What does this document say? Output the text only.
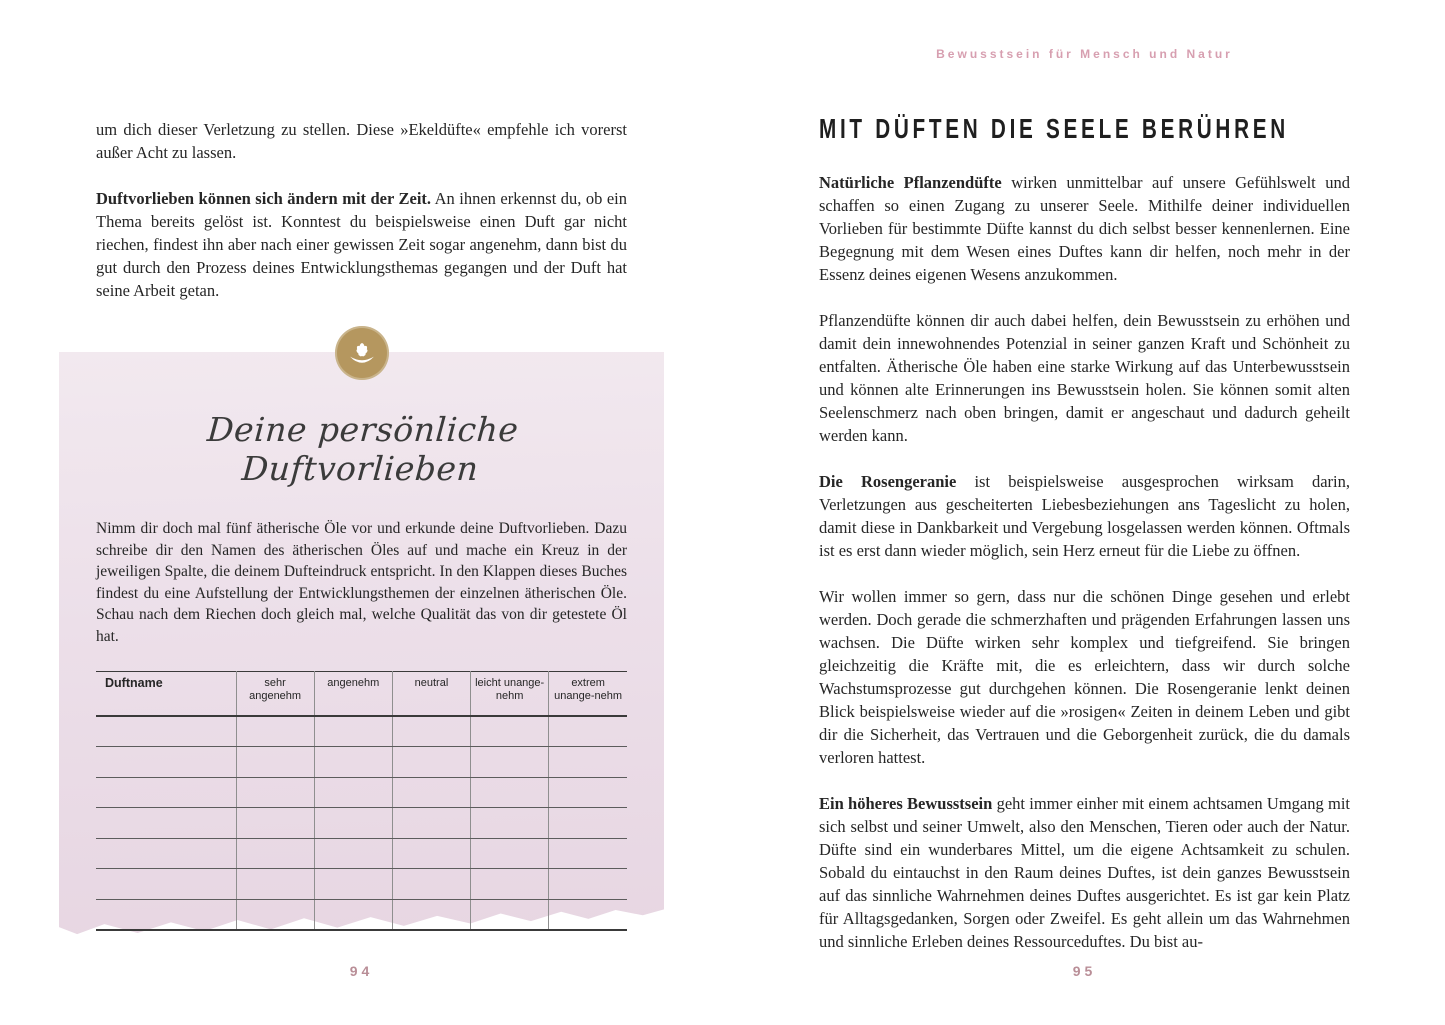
um dich dieser Verletzung zu stellen. Diese »Ekeldüfte« empfehle ich vorerst außer Acht zu lassen.

Duftvorlieben können sich ändern mit der Zeit. An ihnen erkennst du, ob ein Thema bereits gelöst ist. Konntest du beispielsweise einen Duft gar nicht riechen, findest ihn aber nach einer gewissen Zeit sogar angenehm, dann bist du gut durch den Prozess deines Entwicklungsthemas gegangen und der Duft hat seine Arbeit getan.

Deine persönliche Duftvorlieben

Nimm dir doch mal fünf ätherische Öle vor und erkunde deine Duftvorlieben. Dazu schreibe dir den Namen des ätherischen Öles auf und mache ein Kreuz in der jeweiligen Spalte, die deinem Dufteindruck entspricht. In den Klappen dieses Buches findest du eine Aufstellung der Entwicklungsthemen der einzelnen ätherischen Öle. Schau nach dem Riechen doch gleich mal, welche Qualität das von dir getestete Öl hat.

Duftname	sehr angenehm	angenehm	neutral	leicht unange-nehm	extrem unange-nehm

94
Bewusstsein für Mensch und Natur
MIT DÜFTEN DIE SEELE BERÜHREN

Natürliche Pflanzendüfte wirken unmittelbar auf unsere Gefühlswelt und schaffen so einen Zugang zu unserer Seele. Mithilfe deiner individuellen Vorlieben für bestimmte Düfte kannst du dich selbst besser kennenlernen. Eine Begegnung mit dem Wesen eines Duftes kann dir helfen, noch mehr in der Essenz deines eigenen Wesens anzukommen.

Pflanzendüfte können dir auch dabei helfen, dein Bewusstsein zu erhöhen und damit dein innewohnendes Potenzial in seiner ganzen Kraft und Schönheit zu entfalten. Ätherische Öle haben eine starke Wirkung auf das Unterbewusstsein und können alte Erinnerungen ins Bewusstsein holen. Sie können somit alten Seelenschmerz nach oben bringen, damit er angeschaut und dadurch geheilt werden kann.

Die Rosengeranie ist beispielsweise ausgesprochen wirksam darin, Verletzungen aus gescheiterten Liebesbeziehungen ans Tageslicht zu holen, damit diese in Dankbarkeit und Vergebung losgelassen werden können. Oftmals ist es erst dann wieder möglich, sein Herz erneut für die Liebe zu öffnen.

Wir wollen immer so gern, dass nur die schönen Dinge gesehen und erlebt werden. Doch gerade die schmerzhaften und prägenden Erfahrungen lassen uns wachsen. Die Düfte wirken sehr komplex und tiefgreifend. Sie bringen gleichzeitig die Kräfte mit, die es erleichtern, dass wir durch solche Wachstumsprozesse gut durchgehen können. Die Rosengeranie lenkt deinen Blick beispielsweise wieder auf die »rosigen« Zeiten in deinem Leben und gibt dir die Sicherheit, das Vertrauen und die Geborgenheit zurück, die du damals verloren hattest.

Ein höheres Bewusstsein geht immer einher mit einem achtsamen Umgang mit sich selbst und seiner Umwelt, also den Menschen, Tieren oder auch der Natur. Düfte sind ein wunderbares Mittel, um die eigene Achtsamkeit zu schulen. Sobald du eintauchst in den Raum deines Duftes, ist dein ganzes Bewusstsein auf das sinnliche Wahrnehmen deines Duftes ausgerichtet. Es ist gar kein Platz für Alltagsgedanken, Sorgen oder Zweifel. Es geht allein um das Wahrnehmen und sinnliche Erleben deines Ressourceduftes. Du bist au-

95
